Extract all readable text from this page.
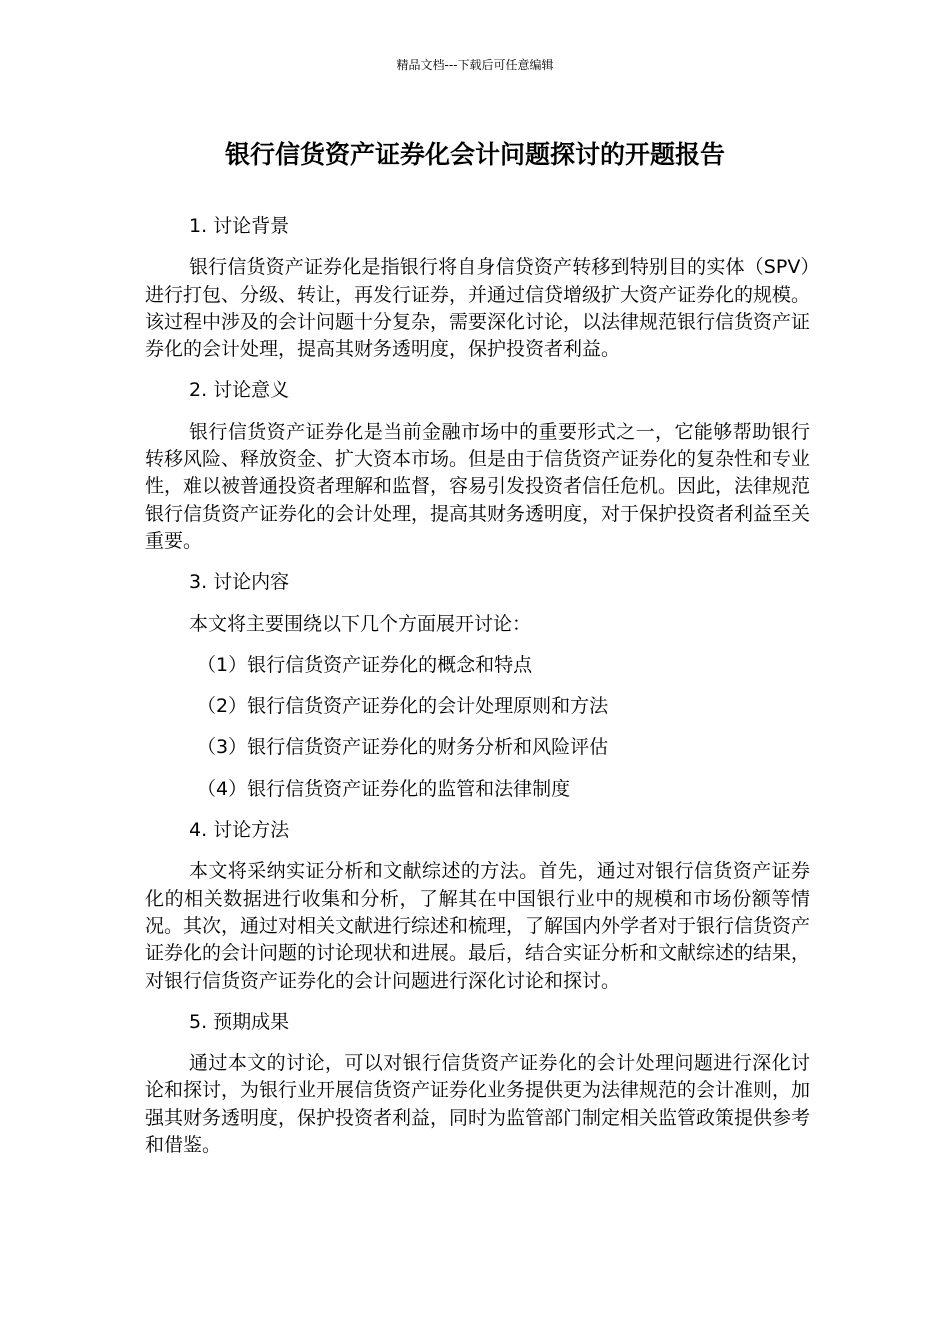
精品文档---下载后可任意编辑
银行信货资产证券化会计问题探讨的开题报告

1. 讨论背景

银行信货资产证券化是指银行将自身信贷资产转移到特别目的实体（SPV）进行打包、分级、转让，再发行证券，并通过信贷增级扩大资产证券化的规模。该过程中涉及的会计问题十分复杂，需要深化讨论，以法律规范银行信货资产证券化的会计处理，提高其财务透明度，保护投资者利益。

2. 讨论意义

银行信货资产证券化是当前金融市场中的重要形式之一，它能够帮助银行转移风险、释放资金、扩大资本市场。但是由于信货资产证券化的复杂性和专业性，难以被普通投资者理解和监督，容易引发投资者信任危机。因此，法律规范银行信货资产证券化的会计处理，提高其财务透明度，对于保护投资者利益至关重要。

3. 讨论内容

本文将主要围绕以下几个方面展开讨论：

（1）银行信货资产证券化的概念和特点

（2）银行信货资产证券化的会计处理原则和方法

（3）银行信货资产证券化的财务分析和风险评估

（4）银行信货资产证券化的监管和法律制度

4. 讨论方法

本文将采纳实证分析和文献综述的方法。首先，通过对银行信货资产证券化的相关数据进行收集和分析，了解其在中国银行业中的规模和市场份额等情况。其次，通过对相关文献进行综述和梳理，了解国内外学者对于银行信货资产证券化的会计问题的讨论现状和进展。最后，结合实证分析和文献综述的结果，对银行信货资产证券化的会计问题进行深化讨论和探讨。

5. 预期成果

通过本文的讨论，可以对银行信货资产证券化的会计处理问题进行深化讨论和探讨，为银行业开展信货资产证券化业务提供更为法律规范的会计准则，加强其财务透明度，保护投资者利益，同时为监管部门制定相关监管政策提供参考和借鉴。
